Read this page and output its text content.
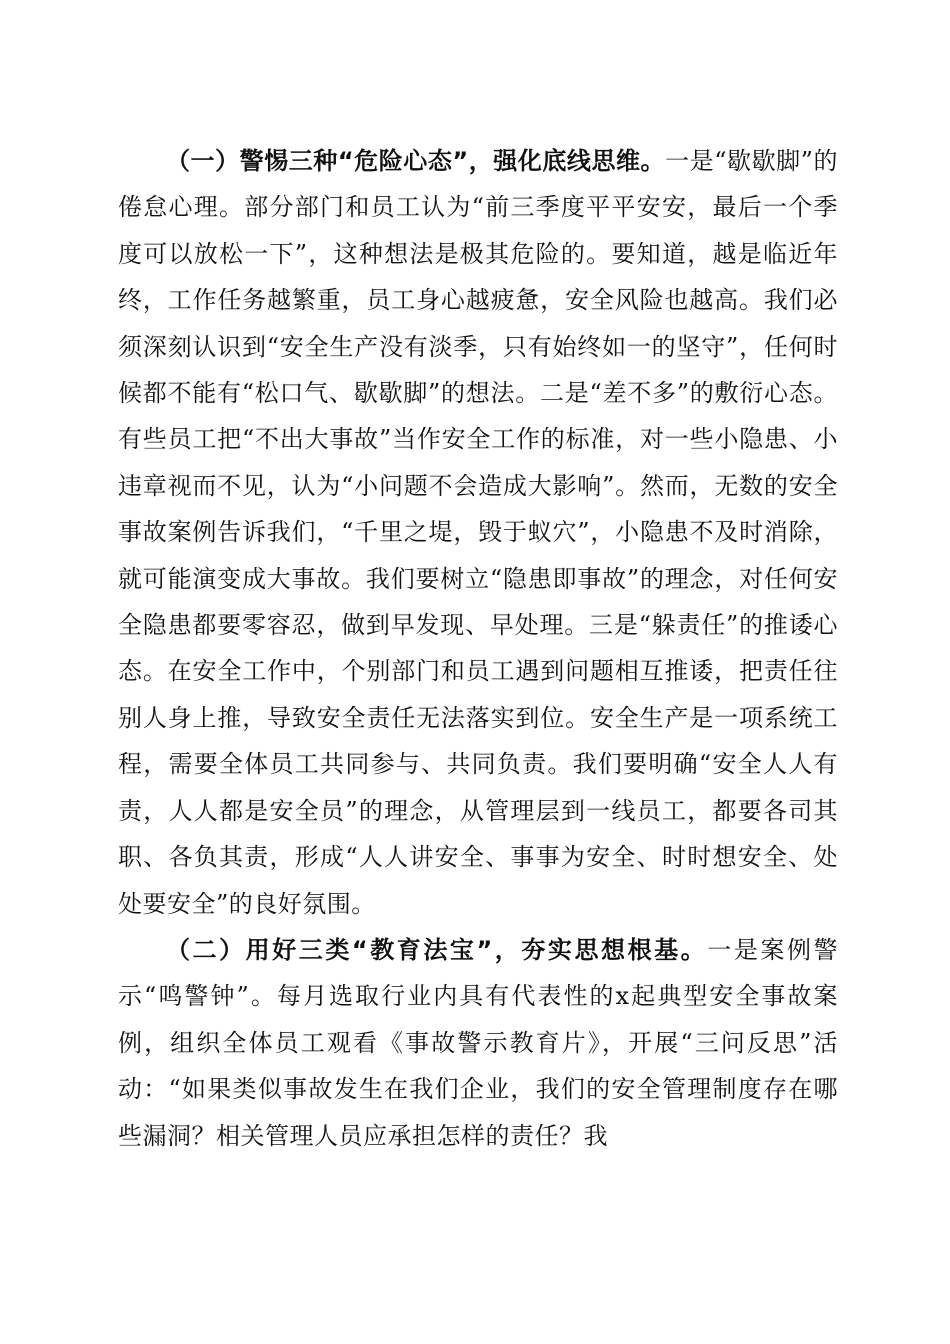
（一）警惕三种“危险心态”，强化底线思维。一是“歇歇脚”的倦怠心理。部分部门和员工认为“前三季度平平安安，最后一个季度可以放松一下”，这种想法是极其危险的。要知道，越是临近年终，工作任务越繁重，员工身心越疲惫，安全风险也越高。我们必须深刻认识到“安全生产没有淡季，只有始终如一的坚守”，任何时候都不能有“松口气、歇歇脚”的想法。二是“差不多”的敷衍心态。有些员工把“不出大事故”当作安全工作的标准，对一些小隐患、小违章视而不见，认为“小问题不会造成大影响”。然而，无数的安全事故案例告诉我们，“千里之堤，毁于蚁穴”，小隐患不及时消除，就可能演变成大事故。我们要树立“隐患即事故”的理念，对任何安全隐患都要零容忍，做到早发现、早处理。三是“躲责任”的推诿心态。在安全工作中，个别部门和员工遇到问题相互推诿，把责任往别人身上推，导致安全责任无法落实到位。安全生产是一项系统工程，需要全体员工共同参与、共同负责。我们要明确“安全人人有责，人人都是安全员”的理念，从管理层到一线员工，都要各司其职、各负其责，形成“人人讲安全、事事为安全、时时想安全、处处要安全”的良好氛围。

（二）用好三类“教育法宝”，夯实思想根基。一是案例警示“鸣警钟”。每月选取行业内具有代表性的x起典型安全事故案例，组织全体员工观看《事故警示教育片》，开展“三问反思”活动：“如果类似事故发生在我们企业，我们的安全管理制度存在哪些漏洞？相关管理人员应承担怎样的责任？我
